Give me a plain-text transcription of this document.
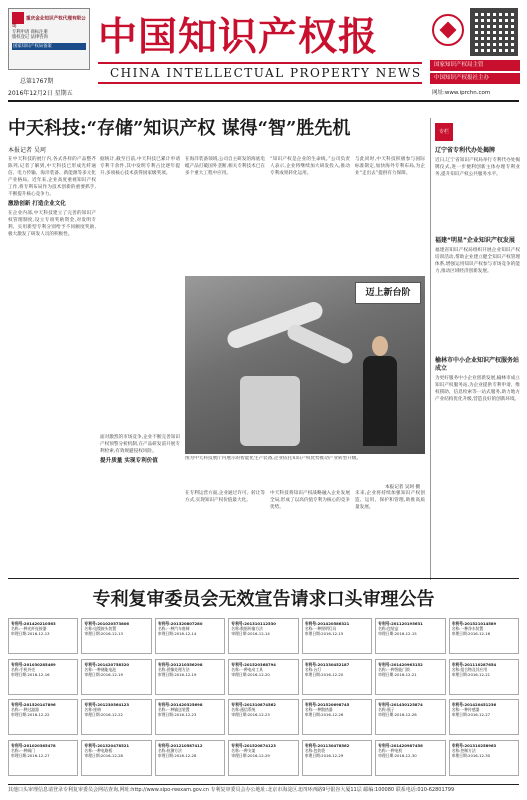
重庆金业知识产权代理有限公司
专利申请 商标注册
版权登记 法律咨询
国家知识产权局备案	中国知识产权报
CHINA INTELLECTUAL PROPERTY NEWS
总第1767期
2016年12月2日 星期五
国家知识产权局主管
中国知识产权报社主办
网址:www.iprchn.com
中天科技:“存储”知识产权 谋得“智”胜先机
本报记者 吴珂
在中天科技的展厅内,各式各样的产品整齐陈列,记者了解到,中天科技已形成光纤通信、电力传输、海洋装备、新能源等多元化产业格局。近年来,企业高度重视知识产权工作,将专利布局作为技术创新的重要抓手,不断提升核心竞争力。
激励创新 打造企业文化
在企业内部,中天科技建立了完善的知识产权管理制度,设立专项奖励资金,对发明专利、实用新型专利分别给予不同额度奖励,极大激发了研发人员的积极性。
据统计,截至目前,中天科技已累计申请专利千余件,其中发明专利占比逐年提升,多项核心技术获得国家级奖项。
在海洋装备领域,公司自主研发的海底电缆产品打破国外垄断,相关专利技术已在多个重大工程中应用。
“知识产权是企业的生命线。”公司负责人表示,企业将继续加大研发投入,推动专利成果转化运用。
与此同时,中天科技积极参与国际标准制定,加快海外专利布局,为企业“走出去”提供有力保障。
迈上新台阶
图为中天科技展厅内展示的智能化生产装备,企业依托知识产权优势推动产业转型升级。
本报记者 吴珂 摄
面对激烈的市场竞争,企业不断完善知识产权预警分析机制,在产品研发前开展专利检索,有效规避侵权风险。
提升质量 实现专利价值
在专利运营方面,企业通过许可、转让等方式,实现知识产权价值最大化。
中天科技将知识产权战略融入企业发展全局,形成了以高价值专利为核心的竞争优势。
未来,企业将持续加强知识产权创造、运用、保护和管理,助推高质量发展。
专栏
辽宁省专利代办处揭牌
近日,辽宁省知识产权局举行专利代办处揭牌仪式,进一步便利创新主体办理专利业务,提升知识产权公共服务水平。
福建“明星”企业知识产权发展
福建省知识产权局组织开展企业知识产权培训活动,帮助企业建立健全知识产权管理体系,增强运用知识产权参与市场竞争的能力,推动区域经济创新发展。
榆林市中小企业知识产权服务站成立
为更好服务中小企业创新发展,榆林市成立知识产权服务站,为企业提供专利申请、维权援助、信息检索等一站式服务,助力地方产业结构优化升级,营造良好的创新环境。
专利复审委员会无效宣告请求口头审理公告
专利号:201420210563
名称:一种光纤连接器
审理日期:2016-12-13
专利号:201020573806
名称:电缆接头装置
审理日期:2016-12-13
专利号:201320807280
名称:一种汽车座椅
审理日期:2016-12-14
专利号:201310112530
名称:数据传输方法
审理日期:2016-12-14
专利号:201420586321
名称:一种照明灯具
审理日期:2016-12-15
专利号:201120195631
名称:包装盒
审理日期:2016-12-15
专利号:201521014589
名称:一种净水装置
审理日期:2016-12-16
专利号:201030285469
名称:手机外壳
审理日期:2016-12-16
专利号:201420758320
名称:一种储能电池
审理日期:2016-12-19
专利号:201210356298
名称:图像处理方法
审理日期:2016-12-19
专利号:201520368794
名称:一种电动工具
审理日期:2016-12-20
专利号:201330452187
名称:台灯
审理日期:2016-12-20
专利号:201420963152
名称:一种智能门锁
审理日期:2016-12-21
专利号:201110287654
名称:组合物及其应用
审理日期:2016-12-21
专利号:201520147896
名称:一种过滤器
审理日期:2016-12-22
专利号:201230564123
名称:座椅
审理日期:2016-12-22
专利号:201420325698
名称:一种输送装置
审理日期:2016-12-23
专利号:201310874562
名称:通信系统
审理日期:2016-12-23
专利号:201520698745
名称:一种散热器
审理日期:2016-12-26
专利号:201430125874
名称:瓶子
审理日期:2016-12-26
专利号:201420451236
名称:一种传感器
审理日期:2016-12-27
专利号:201020365478
名称:一种阀门
审理日期:2016-12-27
专利号:201320478521
名称:一种电路板
审理日期:2016-12-28
专利号:201210587412
名称:检测方法
审理日期:2016-12-28
专利号:201520874123
名称:一种支架
审理日期:2016-12-29
专利号:201130478562
名称:包装袋
审理日期:2016-12-29
专利号:201420987456
名称:一种电机
审理日期:2016-12-30
专利号:201310258963
名称:控制方法
审理日期:2016-12-30
其他口头审理信息请登录专利复审委员会网站查询,网址:http://www.sipo-reexam.gov.cn 专利复审委员会办公地址:北京市海淀区北四环西路9号银谷大厦11层 邮编:100080 联系电话:010-62801799
